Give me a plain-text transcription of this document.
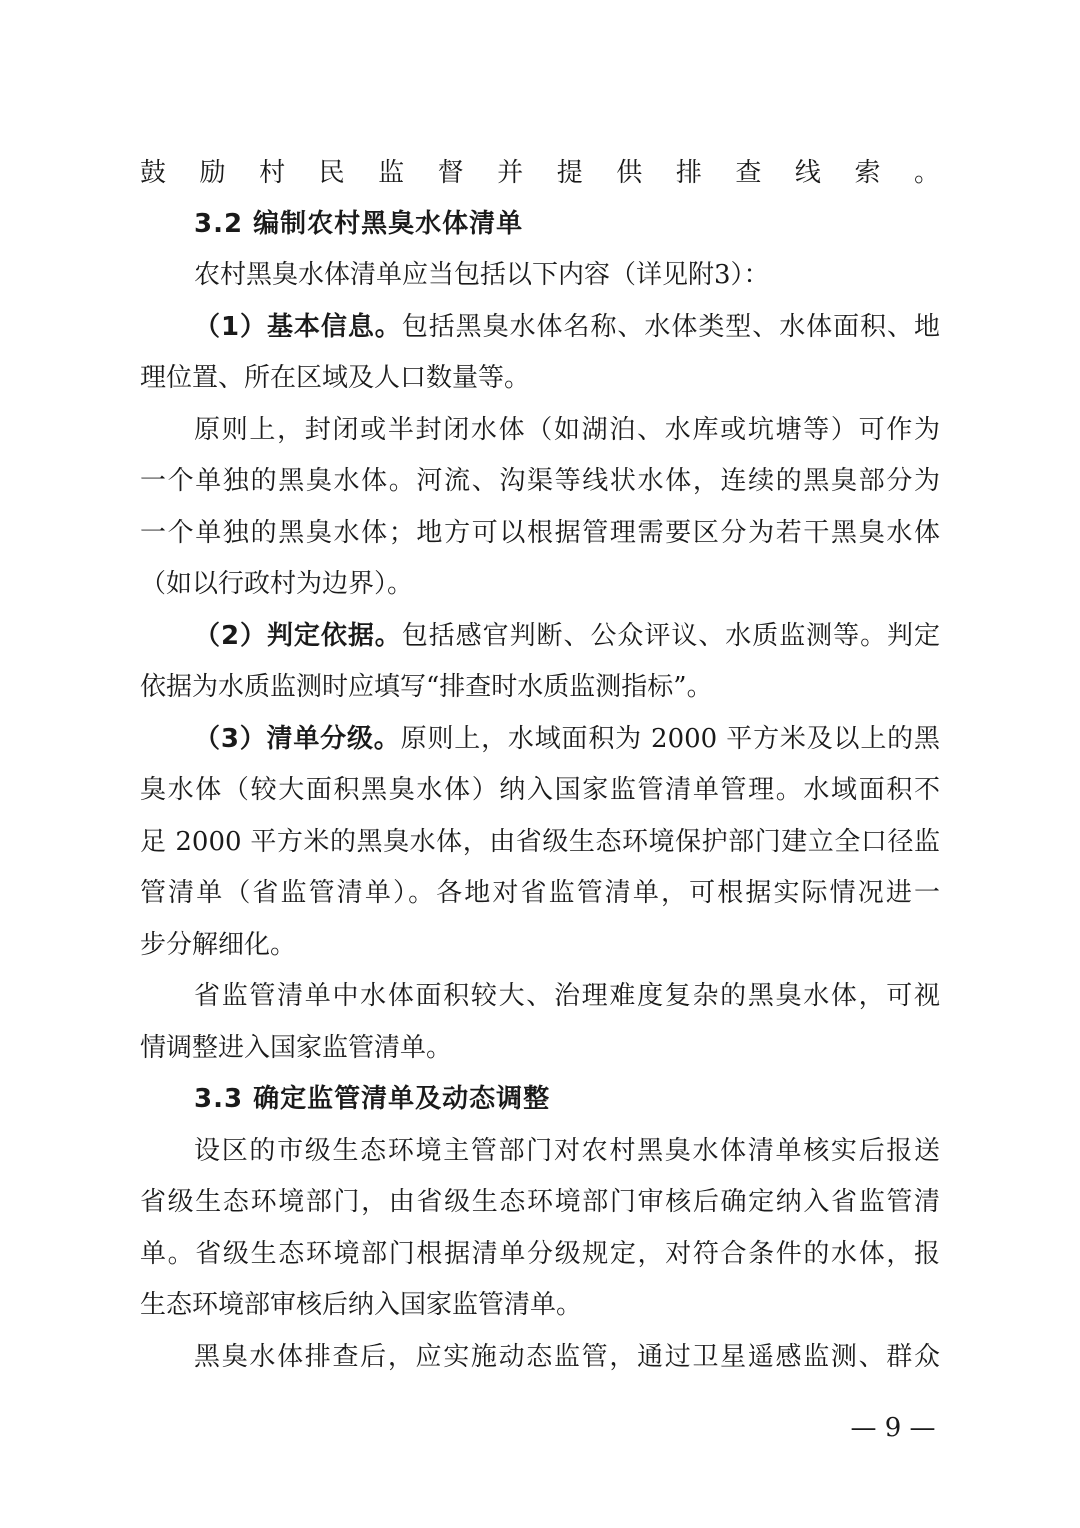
鼓励村民监督并提供排查线索。
3.2 编制农村黑臭水体清单
农村黑臭水体清单应当包括以下内容（详见附3）：
（1）基本信息。包括黑臭水体名称、水体类型、水体面积、地
理位置、所在区域及人口数量等。
原则上，封闭或半封闭水体（如湖泊、水库或坑塘等）可作为
一个单独的黑臭水体。河流、沟渠等线状水体，连续的黑臭部分为
一个单独的黑臭水体；地方可以根据管理需要区分为若干黑臭水体
（如以行政村为边界）。
（2）判定依据。包括感官判断、公众评议、水质监测等。判定
依据为水质监测时应填写“排查时水质监测指标”。
（3）清单分级。原则上，水域面积为 2000 平方米及以上的黑
臭水体（较大面积黑臭水体）纳入国家监管清单管理。水域面积不
足 2000 平方米的黑臭水体，由省级生态环境保护部门建立全口径监
管清单（省监管清单）。各地对省监管清单，可根据实际情况进一
步分解细化。
省监管清单中水体面积较大、治理难度复杂的黑臭水体，可视
情调整进入国家监管清单。
3.3 确定监管清单及动态调整
设区的市级生态环境主管部门对农村黑臭水体清单核实后报送
省级生态环境部门，由省级生态环境部门审核后确定纳入省监管清
单。省级生态环境部门根据清单分级规定，对符合条件的水体，报
生态环境部审核后纳入国家监管清单。
黑臭水体排查后，应实施动态监管，通过卫星遥感监测、群众
— 9 —
